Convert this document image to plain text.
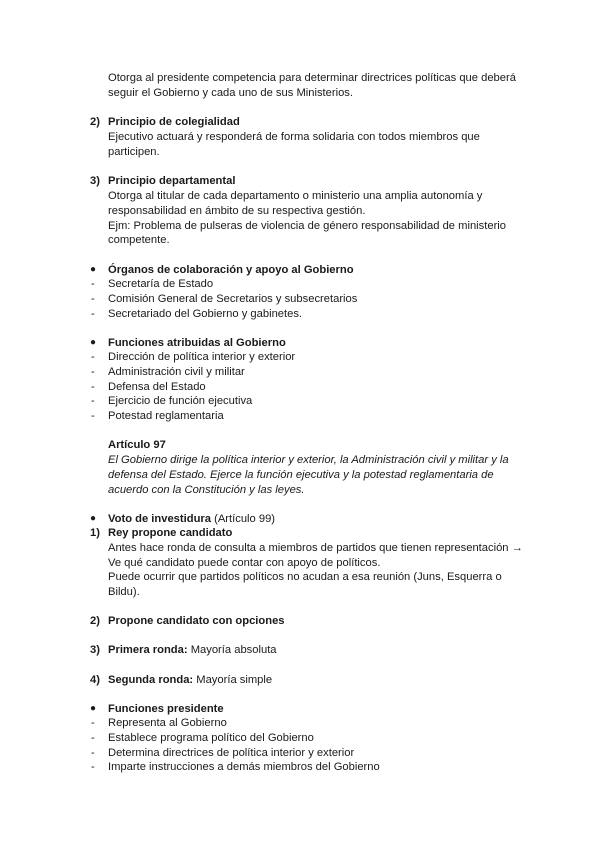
Otorga al presidente competencia para determinar directrices políticas que deberá
seguir el Gobierno y cada uno de sus Ministerios.
2) Principio de colegialidad
Ejecutivo actuará y responderá de forma solidaria con todos miembros que
participen.
3) Principio departamental
Otorga al titular de cada departamento o ministerio una amplia autonomía y
responsabilidad en ámbito de su respectiva gestión.
Ejm: Problema de pulseras de violencia de género responsabilidad de ministerio
competente.
● Órganos de colaboración y apoyo al Gobierno
- Secretaría de Estado
- Comisión General de Secretarios y subsecretarios
- Secretariado del Gobierno y gabinetes.
● Funciones atribuidas al Gobierno
- Dirección de política interior y exterior
- Administración civil y militar
- Defensa del Estado
- Ejercicio de función ejecutiva
- Potestad reglamentaria
Artículo 97
El Gobierno dirige la política interior y exterior, la Administración civil y militar y la
defensa del Estado. Ejerce la función ejecutiva y la potestad reglamentaria de
acuerdo con la Constitución y las leyes.
● Voto de investidura (Artículo 99)
1) Rey propone candidato
Antes hace ronda de consulta a miembros de partidos que tienen representación →
Ve qué candidato puede contar con apoyo de políticos.
Puede ocurrir que partidos políticos no acudan a esa reunión (Juns, Esquerra o
Bildu).
2) Propone candidato con opciones
3) Primera ronda: Mayoría absoluta
4) Segunda ronda: Mayoría simple
● Funciones presidente
- Representa al Gobierno
- Establece programa político del Gobierno
- Determina directrices de política interior y exterior
- Imparte instrucciones a demás miembros del Gobierno
